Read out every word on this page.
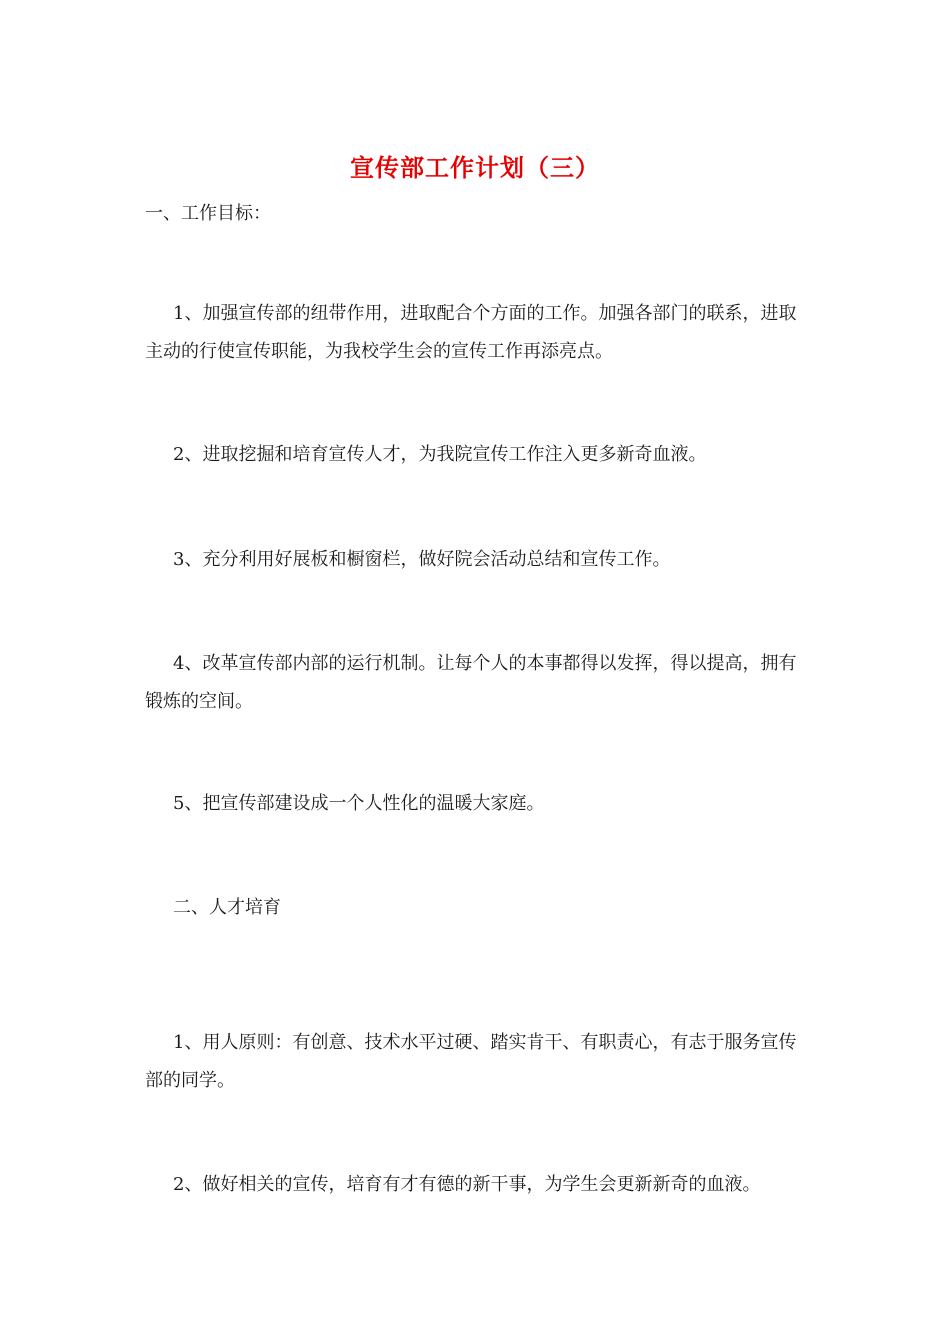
宣传部工作计划（三）

一、工作目标：

1、加强宣传部的纽带作用，进取配合个方面的工作。加强各部门的联系，进取主动的行使宣传职能，为我校学生会的宣传工作再添亮点。

2、进取挖掘和培育宣传人才，为我院宣传工作注入更多新奇血液。

3、充分利用好展板和橱窗栏，做好院会活动总结和宣传工作。

4、改革宣传部内部的运行机制。让每个人的本事都得以发挥，得以提高，拥有锻炼的空间。

5、把宣传部建设成一个人性化的温暖大家庭。

二、人才培育

1、用人原则：有创意、技术水平过硬、踏实肯干、有职责心，有志于服务宣传部的同学。

2、做好相关的宣传，培育有才有德的新干事，为学生会更新新奇的血液。
